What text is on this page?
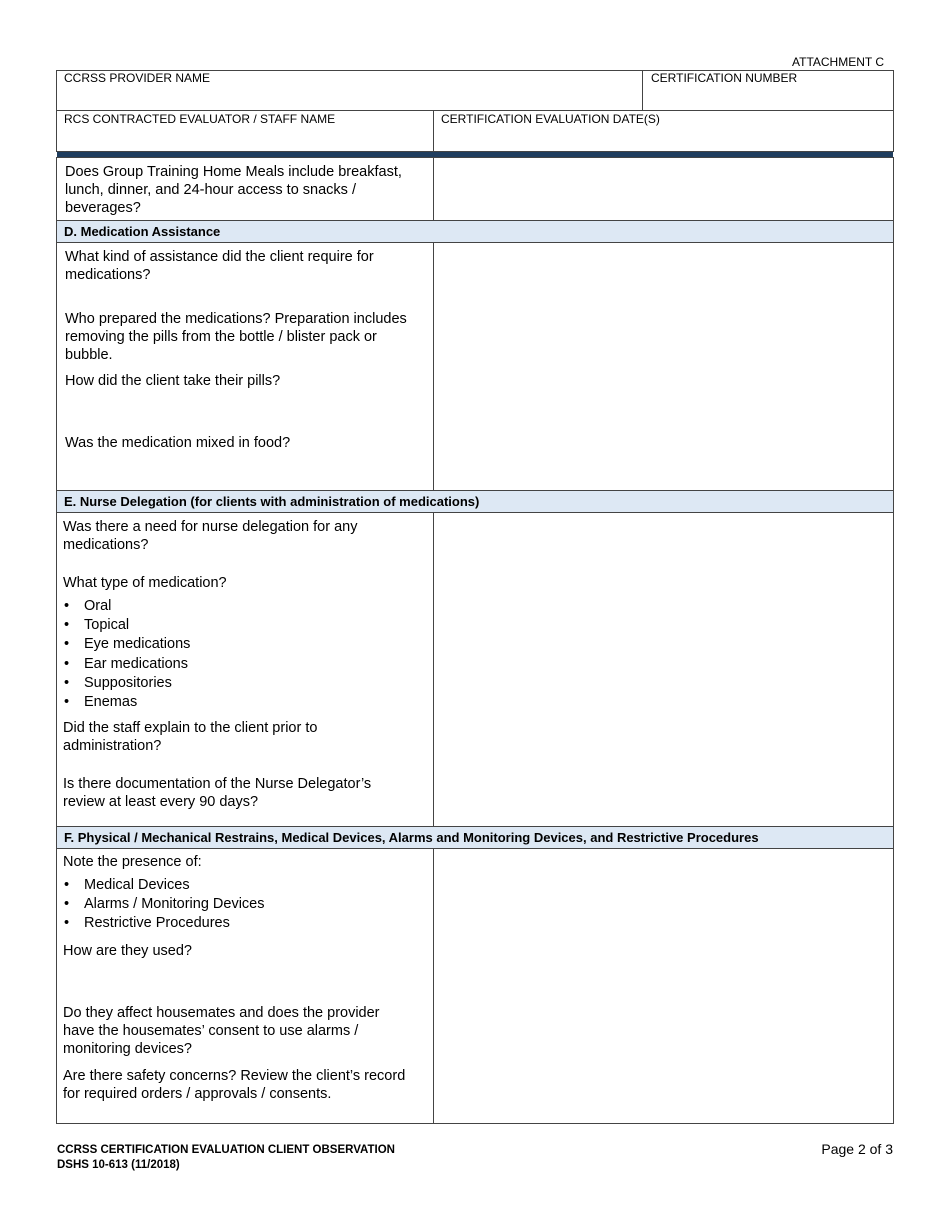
ATTACHMENT C
CCRSS PROVIDER NAME	CERTIFICATION NUMBER
RCS CONTRACTED EVALUATOR / STAFF NAME	CERTIFICATION EVALUATION DATE(S)
Does Group Training Home Meals include breakfast, lunch, dinner, and 24-hour access to snacks / beverages?
D. Medication Assistance
What kind of assistance did the client require for medications?
Who prepared the medications? Preparation includes removing the pills from the bottle / blister pack or bubble.
How did the client take their pills?
Was the medication mixed in food?
E. Nurse Delegation (for clients with administration of medications)
Was there a need for nurse delegation for any medications?
What type of medication?
• Oral
• Topical
• Eye medications
• Ear medications
• Suppositories
• Enemas
Did the staff explain to the client prior to administration?
Is there documentation of the Nurse Delegator’s review at least every 90 days?
F. Physical / Mechanical Restrains, Medical Devices, Alarms and Monitoring Devices, and Restrictive Procedures
Note the presence of:
• Medical Devices
• Alarms / Monitoring Devices
• Restrictive Procedures
How are they used?
Do they affect housemates and does the provider have the housemates’ consent to use alarms / monitoring devices?
Are there safety concerns? Review the client’s record for required orders / approvals / consents.
CCRSS CERTIFICATION EVALUATION CLIENT OBSERVATION
DSHS 10-613 (11/2018)
Page 2 of 3
